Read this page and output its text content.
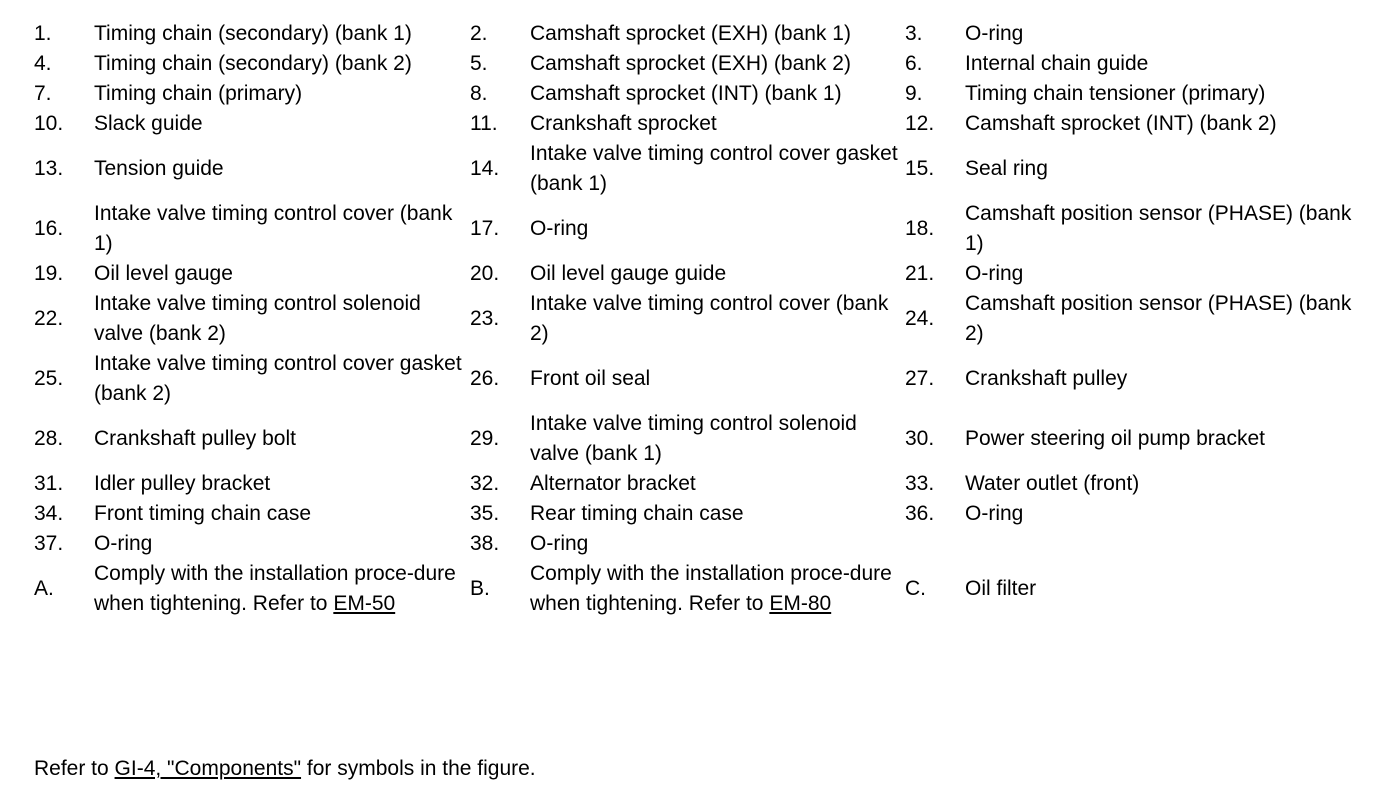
1.	Timing chain (secondary) (bank 1)	2.	Camshaft sprocket (EXH) (bank 1)	3.	O-ring
4.	Timing chain (secondary) (bank 2)	5.	Camshaft sprocket (EXH) (bank 2)	6.	Internal chain guide
7.	Timing chain (primary)	8.	Camshaft sprocket (INT) (bank 1)	9.	Timing chain tensioner (primary)
10.	Slack guide	11.	Crankshaft sprocket	12.	Camshaft sprocket (INT) (bank 2)
13.	Tension guide	14.	Intake valve timing control cover gasket (bank 1)	15.	Seal ring
16.	Intake valve timing control cover (bank 1)	17.	O-ring	18.	Camshaft position sensor (PHASE) (bank 1)
19.	Oil level gauge	20.	Oil level gauge guide	21.	O-ring
22.	Intake valve timing control solenoid valve (bank 2)	23.	Intake valve timing control cover (bank 2)	24.	Camshaft position sensor (PHASE) (bank 2)
25.	Intake valve timing control cover gasket (bank 2)	26.	Front oil seal	27.	Crankshaft pulley
28.	Crankshaft pulley bolt	29.	Intake valve timing control solenoid valve (bank 1)	30.	Power steering oil pump bracket
31.	Idler pulley bracket	32.	Alternator bracket	33.	Water outlet (front)
34.	Front timing chain case	35.	Rear timing chain case	36.	O-ring
37.	O-ring	38.	O-ring		
A.	Comply with the installation proce-dure when tightening. Refer to EM-50	B.	Comply with the installation proce-dure when tightening. Refer to EM-80	C.	Oil filter
Refer to GI-4, "Components" for symbols in the figure.
